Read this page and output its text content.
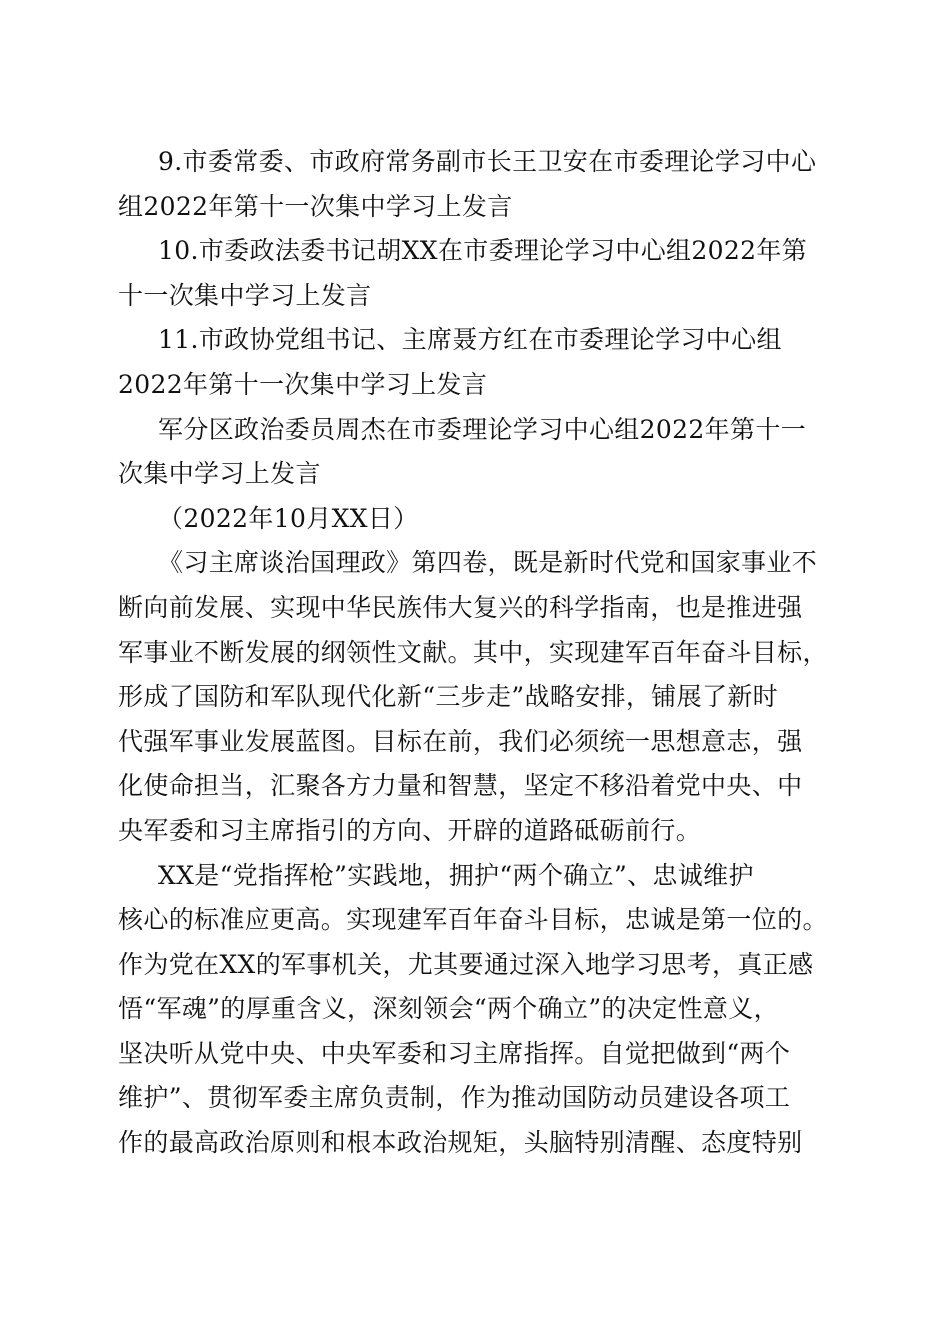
9.市委常委、市政府常务副市长王卫安在市委理论学习中心
组2022年第十一次集中学习上发言
10.市委政法委书记胡XX在市委理论学习中心组2022年第
十一次集中学习上发言
11.市政协党组书记、主席聂方红在市委理论学习中心组
2022年第十一次集中学习上发言
军分区政治委员周杰在市委理论学习中心组2022年第十一
次集中学习上发言
（2022年10月XX日）
《习主席谈治国理政》第四卷，既是新时代党和国家事业不
断向前发展、实现中华民族伟大复兴的科学指南，也是推进强
军事业不断发展的纲领性文献。其中，实现建军百年奋斗目标，
形成了国防和军队现代化新“三步走”战略安排，铺展了新时
代强军事业发展蓝图。目标在前，我们必须统一思想意志，强
化使命担当，汇聚各方力量和智慧，坚定不移沿着党中央、中
央军委和习主席指引的方向、开辟的道路砥砺前行。
XX是“党指挥枪”实践地，拥护“两个确立”、忠诚维护
核心的标准应更高。实现建军百年奋斗目标，忠诚是第一位的。
作为党在XX的军事机关，尤其要通过深入地学习思考，真正感
悟“军魂”的厚重含义，深刻领会“两个确立”的决定性意义，
坚决听从党中央、中央军委和习主席指挥。自觉把做到“两个
维护”、贯彻军委主席负责制，作为推动国防动员建设各项工
作的最高政治原则和根本政治规矩，头脑特别清醒、态度特别
